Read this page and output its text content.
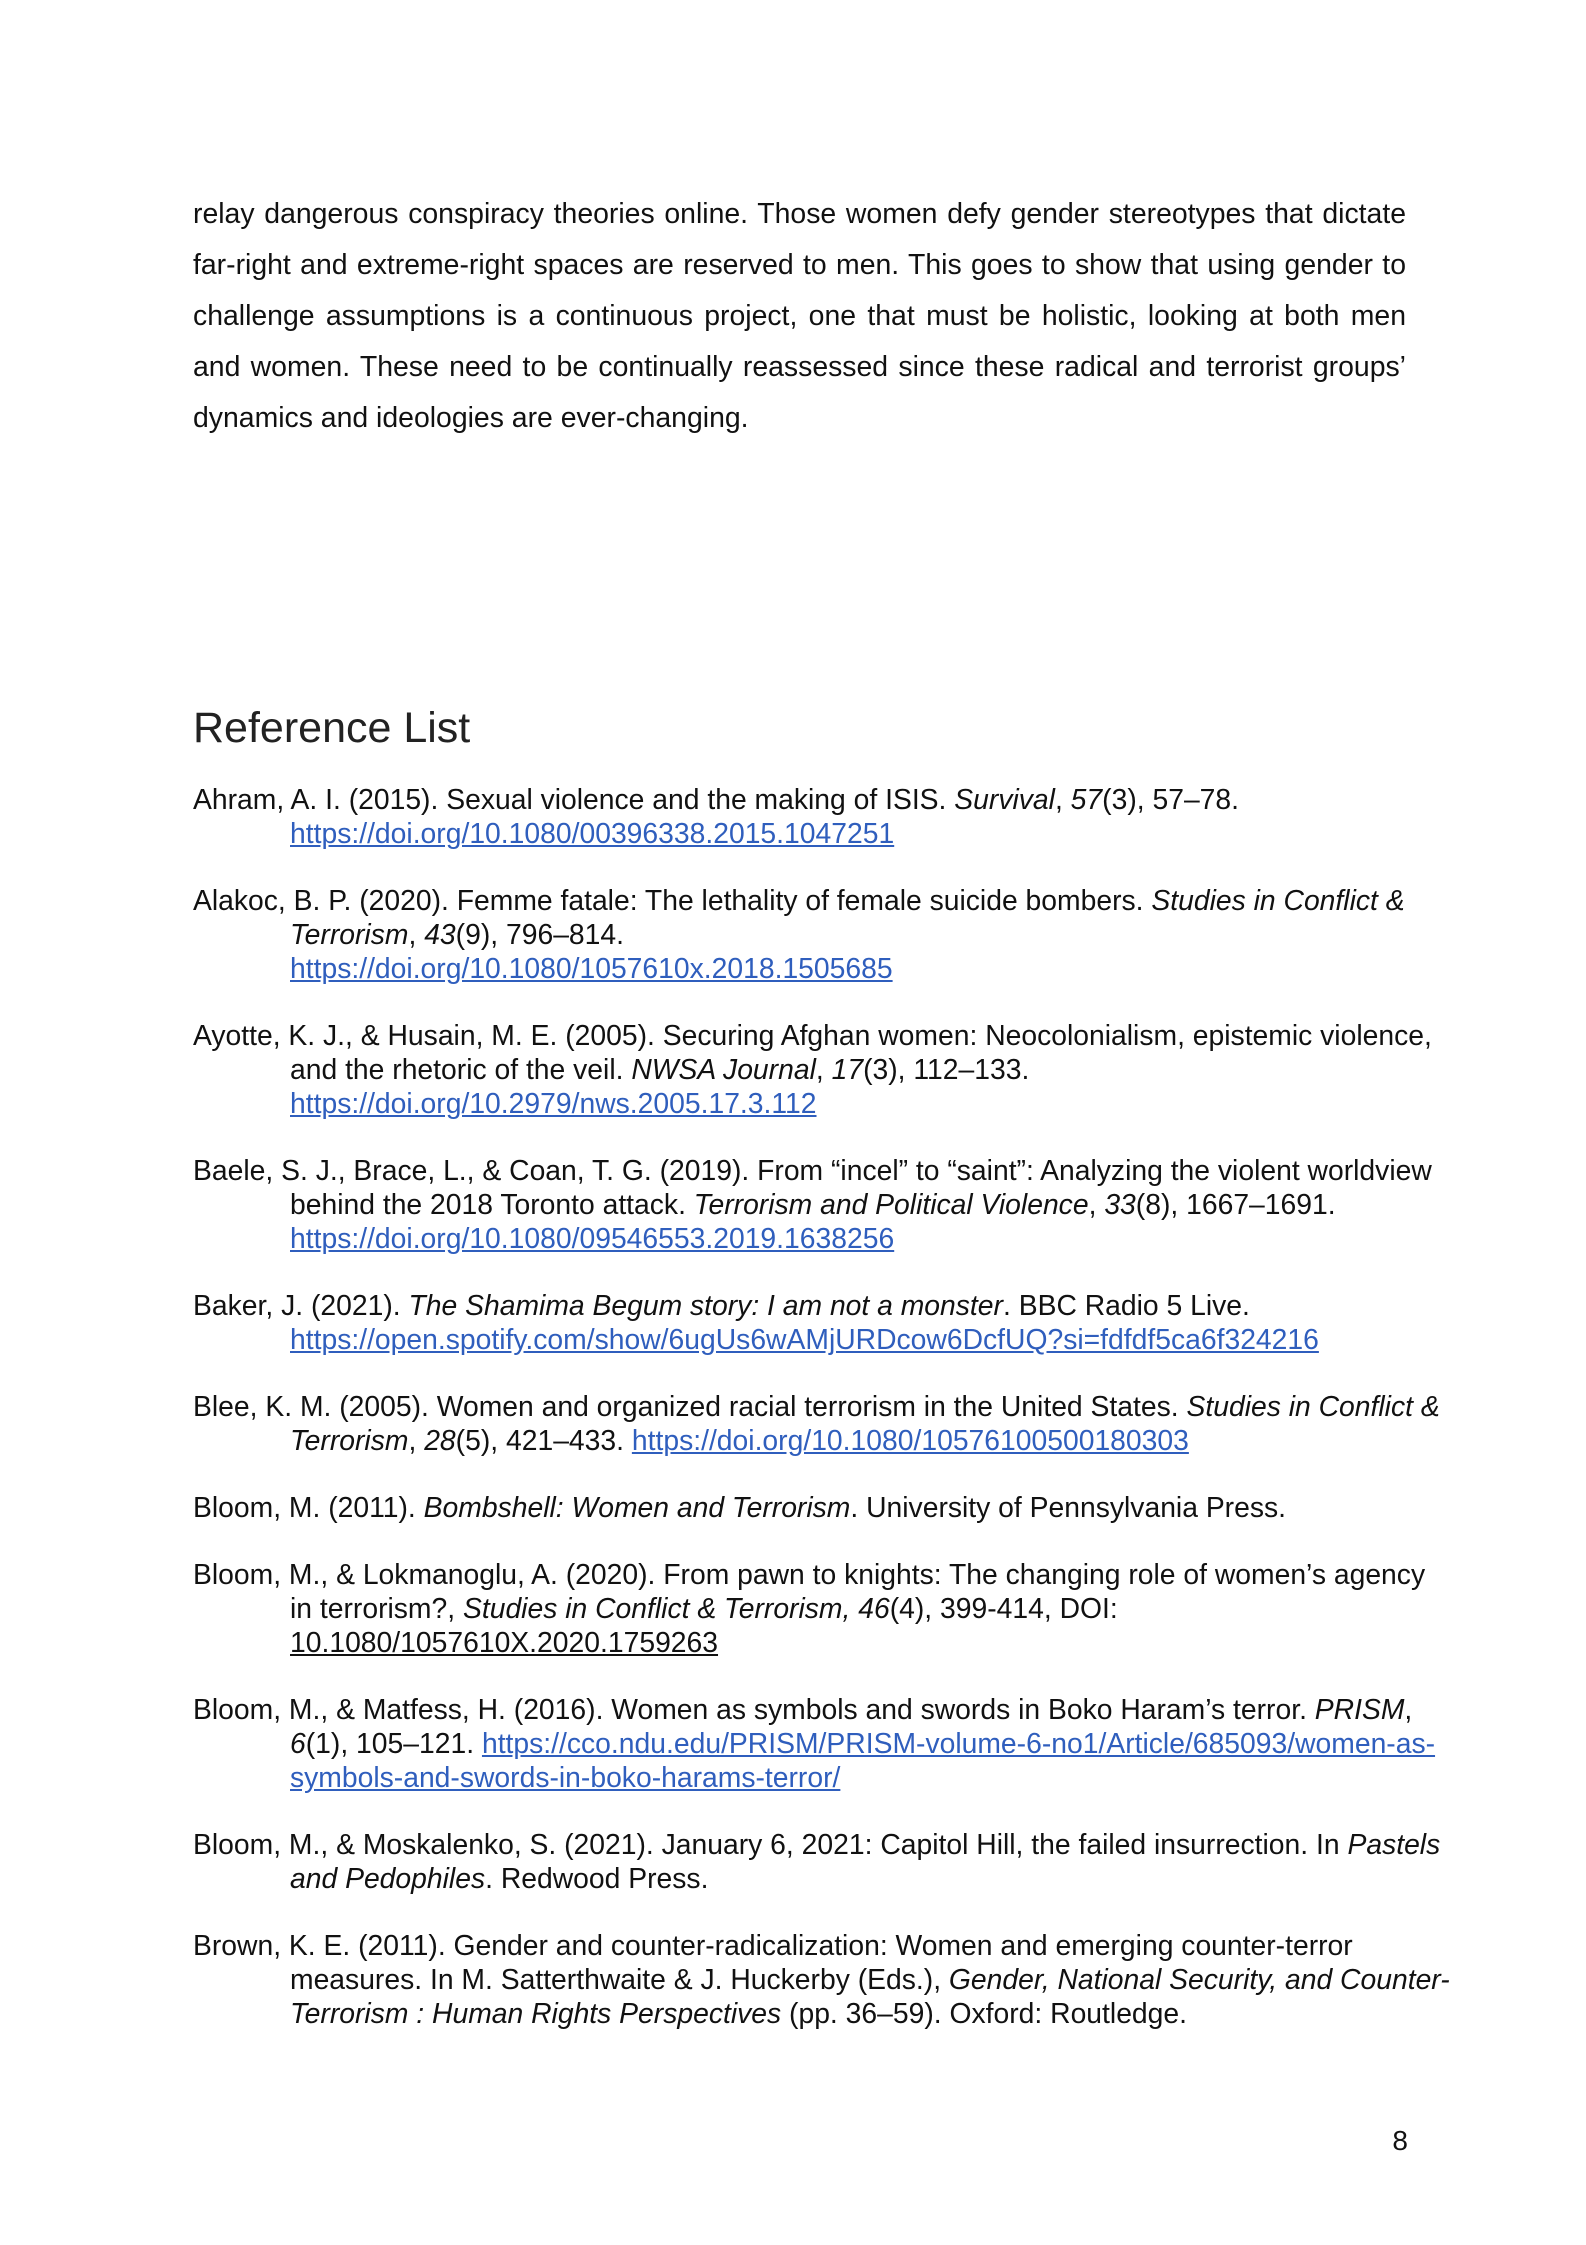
relay dangerous conspiracy theories online. Those women defy gender stereotypes that dictate far-right and extreme-right spaces are reserved to men. This goes to show that using gender to challenge assumptions is a continuous project, one that must be holistic, looking at both men and women. These need to be continually reassessed since these radical and terrorist groups’ dynamics and ideologies are ever-changing.

Reference List

Ahram, A. I. (2015). Sexual violence and the making of ISIS. Survival, 57(3), 57–78.
https://doi.org/10.1080/00396338.2015.1047251

Alakoc, B. P. (2020). Femme fatale: The lethality of female suicide bombers. Studies in Conflict & Terrorism, 43(9), 796–814.
https://doi.org/10.1080/1057610x.2018.1505685

Ayotte, K. J., & Husain, M. E. (2005). Securing Afghan women: Neocolonialism, epistemic violence, and the rhetoric of the veil. NWSA Journal, 17(3), 112–133.
https://doi.org/10.2979/nws.2005.17.3.112

Baele, S. J., Brace, L., & Coan, T. G. (2019). From “incel” to “saint”: Analyzing the violent worldview behind the 2018 Toronto attack. Terrorism and Political Violence, 33(8), 1667–1691. https://doi.org/10.1080/09546553.2019.1638256

Baker, J. (2021). The Shamima Begum story: I am not a monster. BBC Radio 5 Live.
https://open.spotify.com/show/6ugUs6wAMjURDcow6DcfUQ?si=fdfdf5ca6f324216

Blee, K. M. (2005). Women and organized racial terrorism in the United States. Studies in Conflict & Terrorism, 28(5), 421–433. https://doi.org/10.1080/10576100500180303

Bloom, M. (2011). Bombshell: Women and Terrorism. University of Pennsylvania Press.

Bloom, M., & Lokmanoglu, A. (2020). From pawn to knights: The changing role of women’s agency in terrorism?, Studies in Conflict & Terrorism, 46(4), 399-414, DOI: 10.1080/1057610X.2020.1759263

Bloom, M., & Matfess, H. (2016). Women as symbols and swords in Boko Haram’s terror. PRISM, 6(1), 105–121. https://cco.ndu.edu/PRISM/PRISM-volume-6-no1/Article/685093/women-as-symbols-and-swords-in-boko-harams-terror/

Bloom, M., & Moskalenko, S. (2021). January 6, 2021: Capitol Hill, the failed insurrection. In Pastels and Pedophiles. Redwood Press.

Brown, K. E. (2011). Gender and counter-radicalization: Women and emerging counter-terror measures. In M. Satterthwaite & J. Huckerby (Eds.), Gender, National Security, and Counter-Terrorism : Human Rights Perspectives (pp. 36–59). Oxford: Routledge.

8
